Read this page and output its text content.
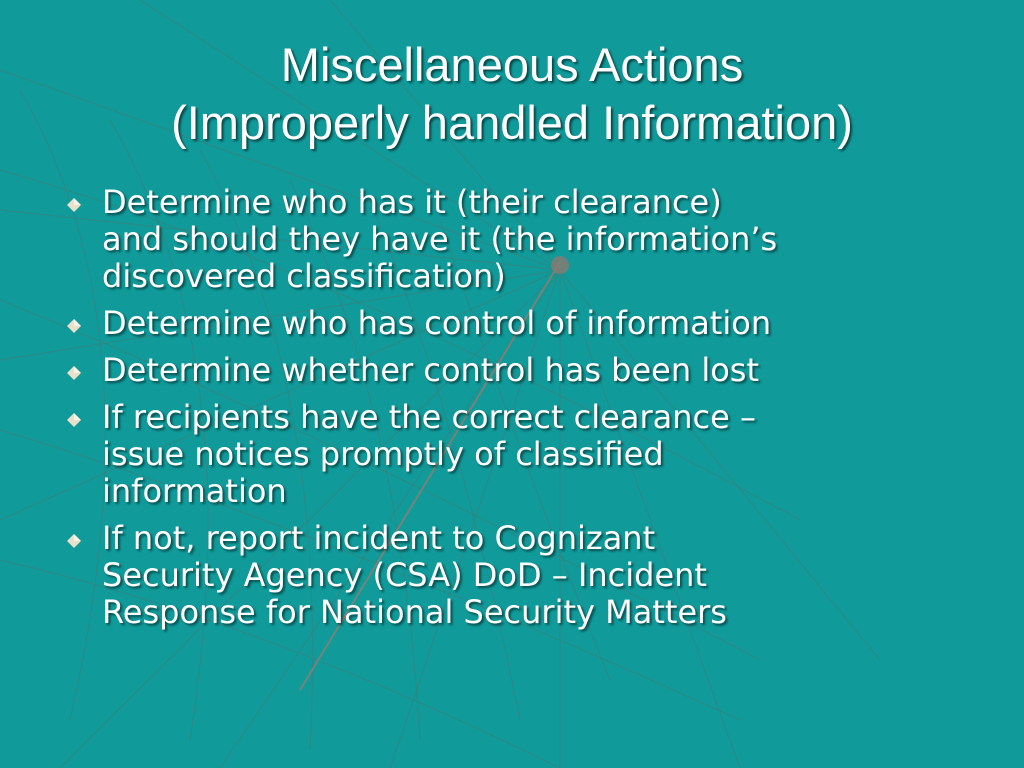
Miscellaneous Actions
(Improperly handled Information)
Determine who has it (their clearance)
and should they have it (the information’s
discovered classification)
Determine who has control of information
Determine whether control has been lost
If recipients have the correct clearance –
issue notices promptly of classified
information
If not, report incident to Cognizant
Security Agency (CSA) DoD – Incident
Response for National Security Matters
